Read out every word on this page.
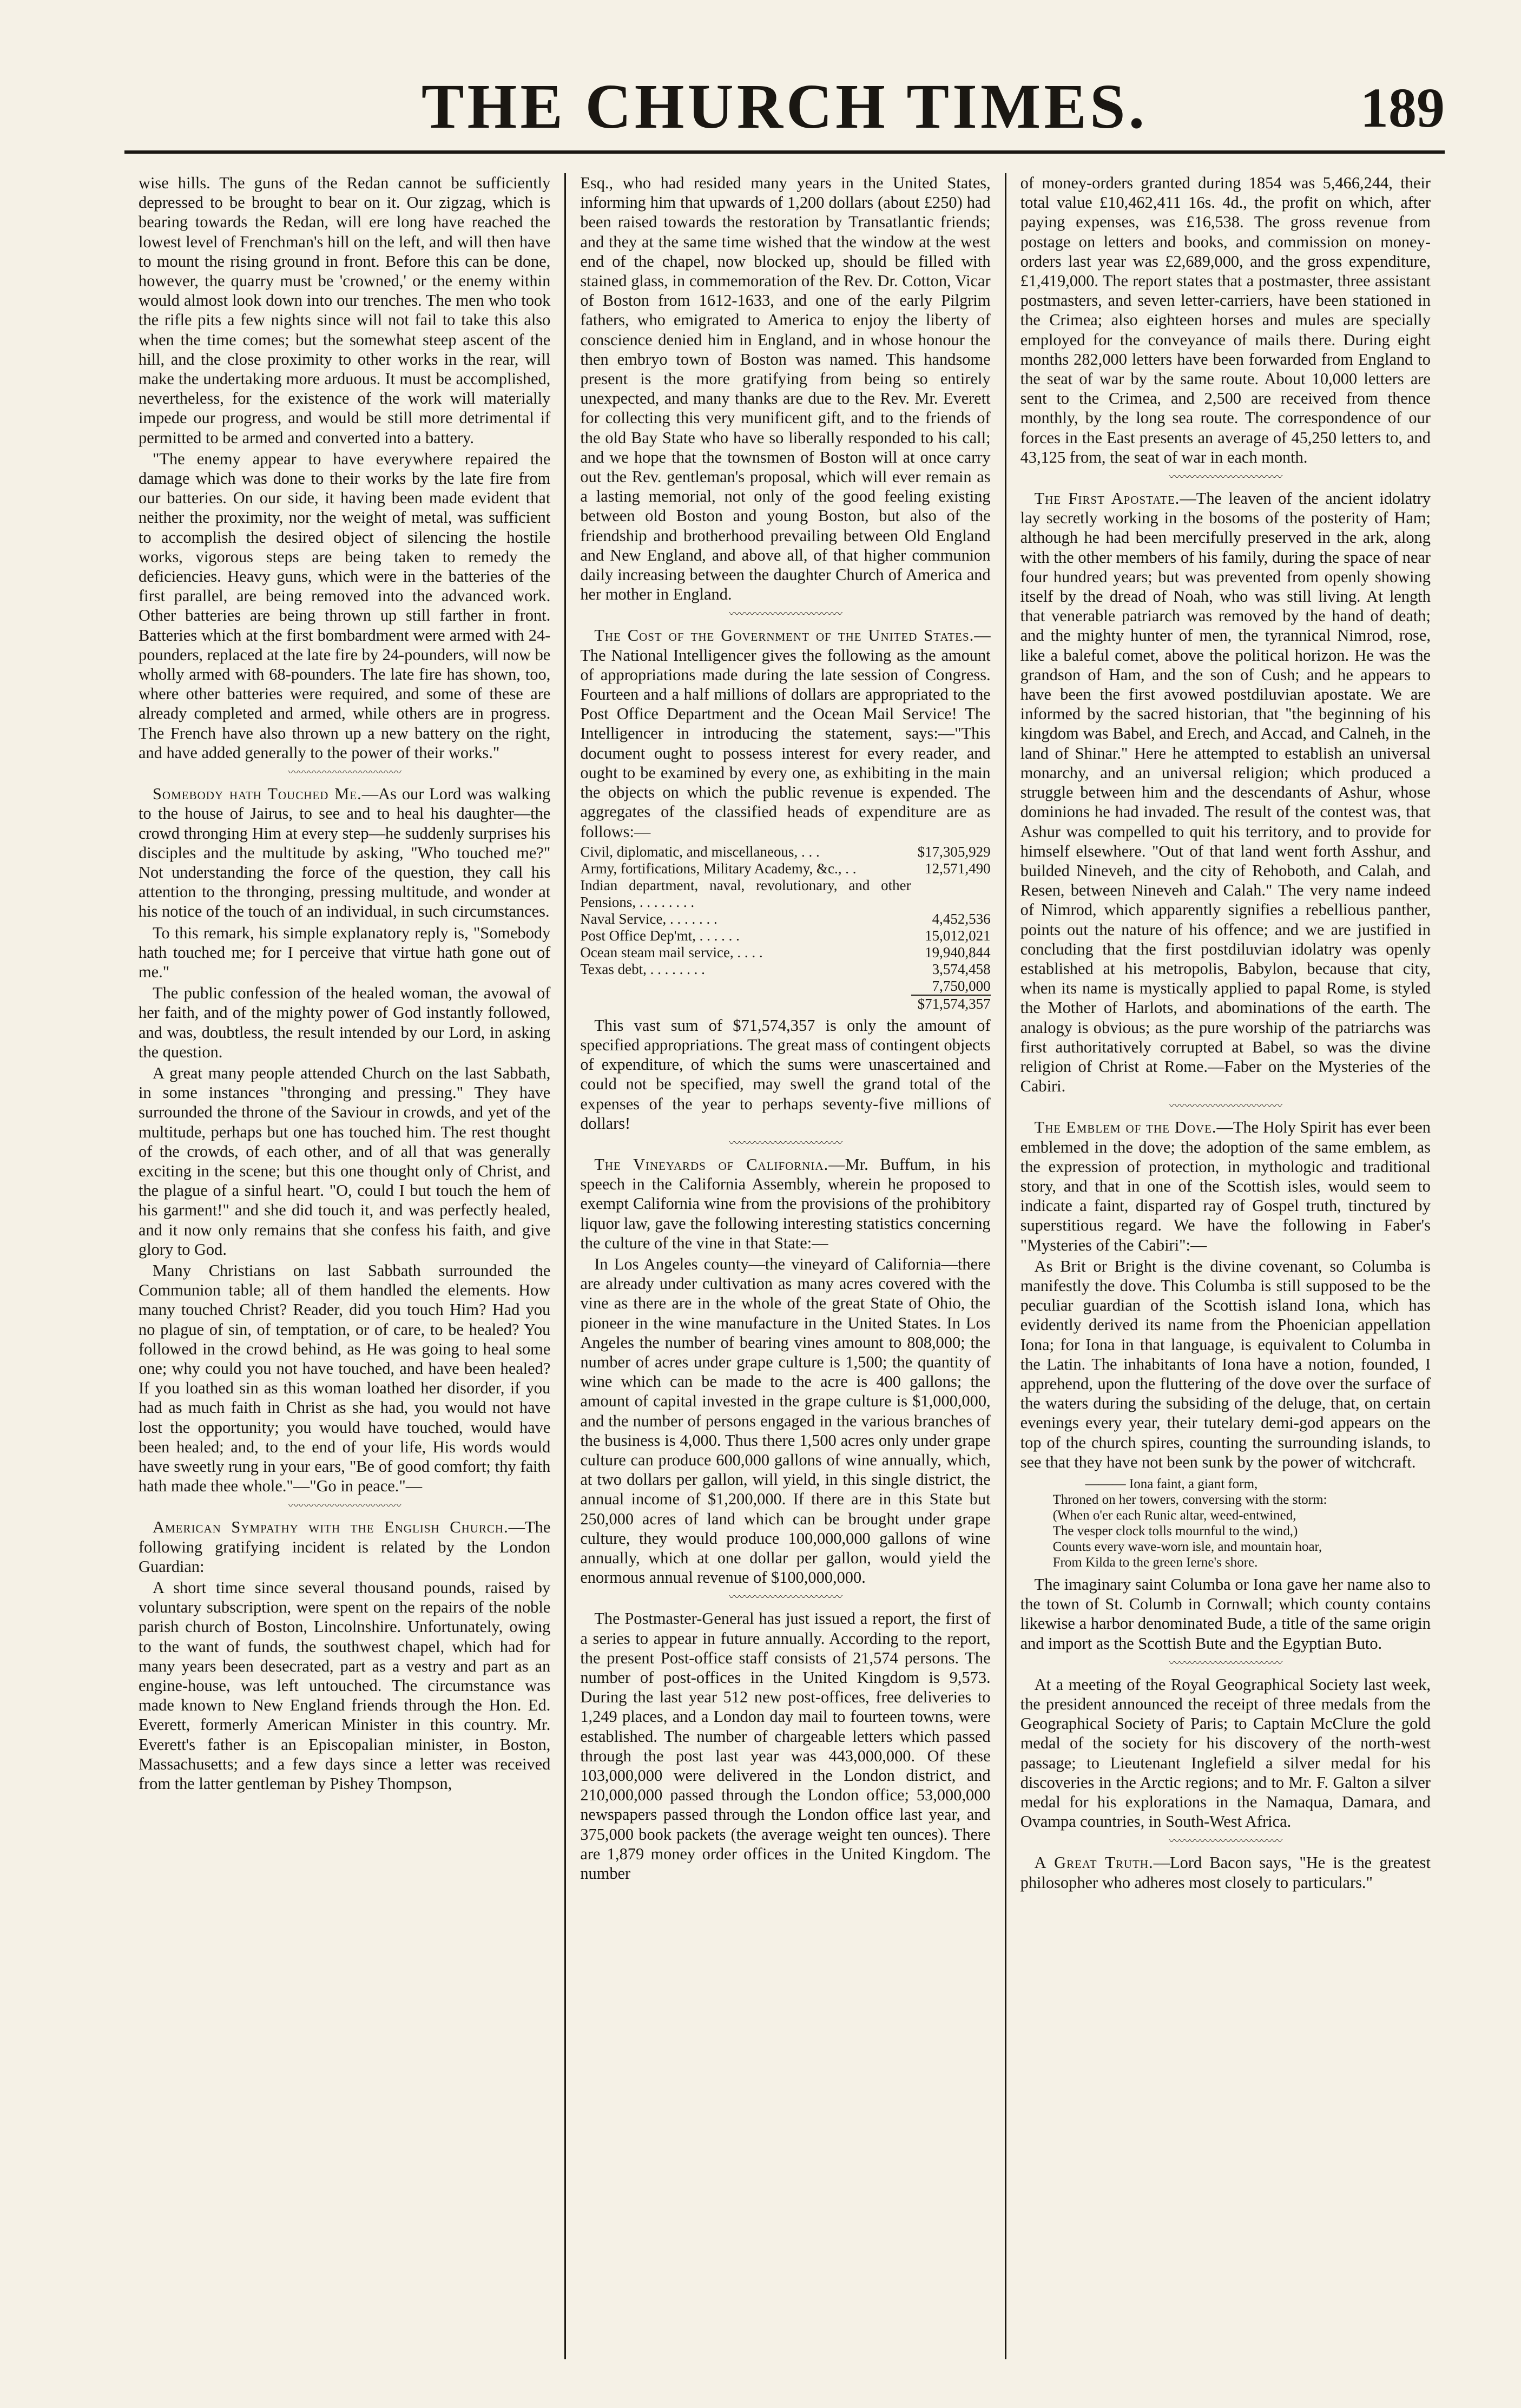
THE CHURCH TIMES.	189

wise hills. The guns of the Redan cannot be sufficiently depressed to be brought to bear on it. Our zigzag, which is bearing towards the Redan, will ere long have reached the lowest level of Frenchman's hill on the left, and will then have to mount the rising ground in front. Before this can be done, however, the quarry must be 'crowned,' or the enemy within would almost look down into our trenches. The men who took the rifle pits a few nights since will not fail to take this also when the time comes; but the somewhat steep ascent of the hill, and the close proximity to other works in the rear, will make the undertaking more arduous. It must be accomplished, nevertheless, for the existence of the work will materially impede our progress, and would be still more detrimental if permitted to be armed and converted into a battery.

"The enemy appear to have everywhere repaired the damage which was done to their works by the late fire from our batteries. On our side, it having been made evident that neither the proximity, nor the weight of metal, was sufficient to accomplish the desired object of silencing the hostile works, vigorous steps are being taken to remedy the deficiencies. Heavy guns, which were in the batteries of the first parallel, are being removed into the advanced work. Other batteries are being thrown up still farther in front. Batteries which at the first bombardment were armed with 24-pounders, replaced at the late fire by 24-pounders, will now be wholly armed with 68-pounders. The late fire has shown, too, where other batteries were required, and some of these are already completed and armed, while others are in progress. The French have also thrown up a new battery on the right, and have added generally to the power of their works."

〰〰〰〰〰〰〰〰〰〰〰

Somebody hath Touched Me.—As our Lord was walking to the house of Jairus, to see and to heal his daughter—the crowd thronging Him at every step—he suddenly surprises his disciples and the multitude by asking, "Who touched me?" Not understanding the force of the question, they call his attention to the thronging, pressing multitude, and wonder at his notice of the touch of an individual, in such circumstances.

To this remark, his simple explanatory reply is, "Somebody hath touched me; for I perceive that virtue hath gone out of me."

The public confession of the healed woman, the avowal of her faith, and of the mighty power of God instantly followed, and was, doubtless, the result intended by our Lord, in asking the question.

A great many people attended Church on the last Sabbath, in some instances "thronging and pressing." They have surrounded the throne of the Saviour in crowds, and yet of the multitude, perhaps but one has touched him. The rest thought of the crowds, of each other, and of all that was generally exciting in the scene; but this one thought only of Christ, and the plague of a sinful heart. "O, could I but touch the hem of his garment!" and she did touch it, and was perfectly healed, and it now only remains that she confess his faith, and give glory to God.

Many Christians on last Sabbath surrounded the Communion table; all of them handled the elements. How many touched Christ? Reader, did you touch Him? Had you no plague of sin, of temptation, or of care, to be healed? You followed in the crowd behind, as He was going to heal some one; why could you not have touched, and have been healed? If you loathed sin as this woman loathed her disorder, if you had as much faith in Christ as she had, you would not have lost the opportunity; you would have touched, would have been healed; and, to the end of your life, His words would have sweetly rung in your ears, "Be of good comfort; thy faith hath made thee whole."—"Go in peace."—

〰〰〰〰〰〰〰〰〰〰〰

American Sympathy with the English Church.—The following gratifying incident is related by the London Guardian:

A short time since several thousand pounds, raised by voluntary subscription, were spent on the repairs of the noble parish church of Boston, Lincolnshire. Unfortunately, owing to the want of funds, the southwest chapel, which had for many years been desecrated, part as a vestry and part as an engine-house, was left untouched. The circumstance was made known to New England friends through the Hon. Ed. Everett, formerly American Minister in this country. Mr. Everett's father is an Episcopalian minister, in Boston, Massachusetts; and a few days since a letter was received from the latter gentleman by Pishey Thompson,

Esq., who had resided many years in the United States, informing him that upwards of 1,200 dollars (about £250) had been raised towards the restoration by Transatlantic friends; and they at the same time wished that the window at the west end of the chapel, now blocked up, should be filled with stained glass, in commemoration of the Rev. Dr. Cotton, Vicar of Boston from 1612-1633, and one of the early Pilgrim fathers, who emigrated to America to enjoy the liberty of conscience denied him in England, and in whose honour the then embryo town of Boston was named. This handsome present is the more gratifying from being so entirely unexpected, and many thanks are due to the Rev. Mr. Everett for collecting this very munificent gift, and to the friends of the old Bay State who have so liberally responded to his call; and we hope that the townsmen of Boston will at once carry out the Rev. gentleman's proposal, which will ever remain as a lasting memorial, not only of the good feeling existing between old Boston and young Boston, but also of the friendship and brotherhood prevailing between Old England and New England, and above all, of that higher communion daily increasing between the daughter Church of America and her mother in England.

〰〰〰〰〰〰〰〰〰〰〰

The Cost of the Government of the United States.—The National Intelligencer gives the following as the amount of appropriations made during the late session of Congress. Fourteen and a half millions of dollars are appropriated to the Post Office Department and the Ocean Mail Service! The Intelligencer in introducing the statement, says:—"This document ought to possess interest for every reader, and ought to be examined by every one, as exhibiting in the main the objects on which the public revenue is expended. The aggregates of the classified heads of expenditure are as follows:—

Civil, diplomatic, and miscellaneous, . . .	$17,305,929
Army, fortifications, Military Academy, &c., . .	12,571,490
Indian department, naval, revolutionary, and other Pensions, . . . . . . . .	
Naval Service, . . . . . . .	4,452,536
Post Office Dep'mt, . . . . . .	15,012,021
Ocean steam mail service, . . . .	19,940,844
Texas debt, . . . . . . . .	3,574,458
	7,750,000
	$71,574,357

This vast sum of $71,574,357 is only the amount of specified appropriations. The great mass of contingent objects of expenditure, of which the sums were unascertained and could not be specified, may swell the grand total of the expenses of the year to perhaps seventy-five millions of dollars!

〰〰〰〰〰〰〰〰〰〰〰

The Vineyards of California.—Mr. Buffum, in his speech in the California Assembly, wherein he proposed to exempt California wine from the provisions of the prohibitory liquor law, gave the following interesting statistics concerning the culture of the vine in that State:—

In Los Angeles county—the vineyard of California—there are already under cultivation as many acres covered with the vine as there are in the whole of the great State of Ohio, the pioneer in the wine manufacture in the United States. In Los Angeles the number of bearing vines amount to 808,000; the number of acres under grape culture is 1,500; the quantity of wine which can be made to the acre is 400 gallons; the amount of capital invested in the grape culture is $1,000,000, and the number of persons engaged in the various branches of the business is 4,000. Thus there 1,500 acres only under grape culture can produce 600,000 gallons of wine annually, which, at two dollars per gallon, will yield, in this single district, the annual income of $1,200,000. If there are in this State but 250,000 acres of land which can be brought under grape culture, they would produce 100,000,000 gallons of wine annually, which at one dollar per gallon, would yield the enormous annual revenue of $100,000,000.

〰〰〰〰〰〰〰〰〰〰〰

The Postmaster-General has just issued a report, the first of a series to appear in future annually. According to the report, the present Post-office staff consists of 21,574 persons. The number of post-offices in the United Kingdom is 9,573. During the last year 512 new post-offices, free deliveries to 1,249 places, and a London day mail to fourteen towns, were established. The number of chargeable letters which passed through the post last year was 443,000,000. Of these 103,000,000 were delivered in the London district, and 210,000,000 passed through the London office; 53,000,000 newspapers passed through the London office last year, and 375,000 book packets (the average weight ten ounces). There are 1,879 money order offices in the United Kingdom. The number

of money-orders granted during 1854 was 5,466,244, their total value £10,462,411 16s. 4d., the profit on which, after paying expenses, was £16,538. The gross revenue from postage on letters and books, and commission on money-orders last year was £2,689,000, and the gross expenditure, £1,419,000. The report states that a postmaster, three assistant postmasters, and seven letter-carriers, have been stationed in the Crimea; also eighteen horses and mules are specially employed for the conveyance of mails there. During eight months 282,000 letters have been forwarded from England to the seat of war by the same route. About 10,000 letters are sent to the Crimea, and 2,500 are received from thence monthly, by the long sea route. The correspondence of our forces in the East presents an average of 45,250 letters to, and 43,125 from, the seat of war in each month.

〰〰〰〰〰〰〰〰〰〰〰

The First Apostate.—The leaven of the ancient idolatry lay secretly working in the bosoms of the posterity of Ham; although he had been mercifully preserved in the ark, along with the other members of his family, during the space of near four hundred years; but was prevented from openly showing itself by the dread of Noah, who was still living. At length that venerable patriarch was removed by the hand of death; and the mighty hunter of men, the tyrannical Nimrod, rose, like a baleful comet, above the political horizon. He was the grandson of Ham, and the son of Cush; and he appears to have been the first avowed postdiluvian apostate. We are informed by the sacred historian, that "the beginning of his kingdom was Babel, and Erech, and Accad, and Calneh, in the land of Shinar." Here he attempted to establish an universal monarchy, and an universal religion; which produced a struggle between him and the descendants of Ashur, whose dominions he had invaded. The result of the contest was, that Ashur was compelled to quit his territory, and to provide for himself elsewhere. "Out of that land went forth Asshur, and builded Nineveh, and the city of Rehoboth, and Calah, and Resen, between Nineveh and Calah." The very name indeed of Nimrod, which apparently signifies a rebellious panther, points out the nature of his offence; and we are justified in concluding that the first postdiluvian idolatry was openly established at his metropolis, Babylon, because that city, when its name is mystically applied to papal Rome, is styled the Mother of Harlots, and abominations of the earth. The analogy is obvious; as the pure worship of the patriarchs was first authoritatively corrupted at Babel, so was the divine religion of Christ at Rome.—Faber on the Mysteries of the Cabiri.

〰〰〰〰〰〰〰〰〰〰〰

The Emblem of the Dove.—The Holy Spirit has ever been emblemed in the dove; the adoption of the same emblem, as the expression of protection, in mythologic and traditional story, and that in one of the Scottish isles, would seem to indicate a faint, disparted ray of Gospel truth, tinctured by superstitious regard. We have the following in Faber's "Mysteries of the Cabiri":—

As Brit or Bright is the divine covenant, so Columba is manifestly the dove. This Columba is still supposed to be the peculiar guardian of the Scottish island Iona, which has evidently derived its name from the Phoenician appellation Iona; for Iona in that language, is equivalent to Columba in the Latin. The inhabitants of Iona have a notion, founded, I apprehend, upon the fluttering of the dove over the surface of the waters during the subsiding of the deluge, that, on certain evenings every year, their tutelary demi-god appears on the top of the church spires, counting the surrounding islands, to see that they have not been sunk by the power of witchcraft.

——— Iona faint, a giant form,
Throned on her towers, conversing with the storm:
(When o'er each Runic altar, weed-entwined,
The vesper clock tolls mournful to the wind,)
Counts every wave-worn isle, and mountain hoar,
From Kilda to the green Ierne's shore.

The imaginary saint Columba or Iona gave her name also to the town of St. Columb in Cornwall; which county contains likewise a harbor denominated Bude, a title of the same origin and import as the Scottish Bute and the Egyptian Buto.

〰〰〰〰〰〰〰〰〰〰〰

At a meeting of the Royal Geographical Society last week, the president announced the receipt of three medals from the Geographical Society of Paris; to Captain McClure the gold medal of the society for his discovery of the north-west passage; to Lieutenant Inglefield a silver medal for his discoveries in the Arctic regions; and to Mr. F. Galton a silver medal for his explorations in the Namaqua, Damara, and Ovampa countries, in South-West Africa.

〰〰〰〰〰〰〰〰〰〰〰

A Great Truth.—Lord Bacon says, "He is the greatest philosopher who adheres most closely to particulars."
